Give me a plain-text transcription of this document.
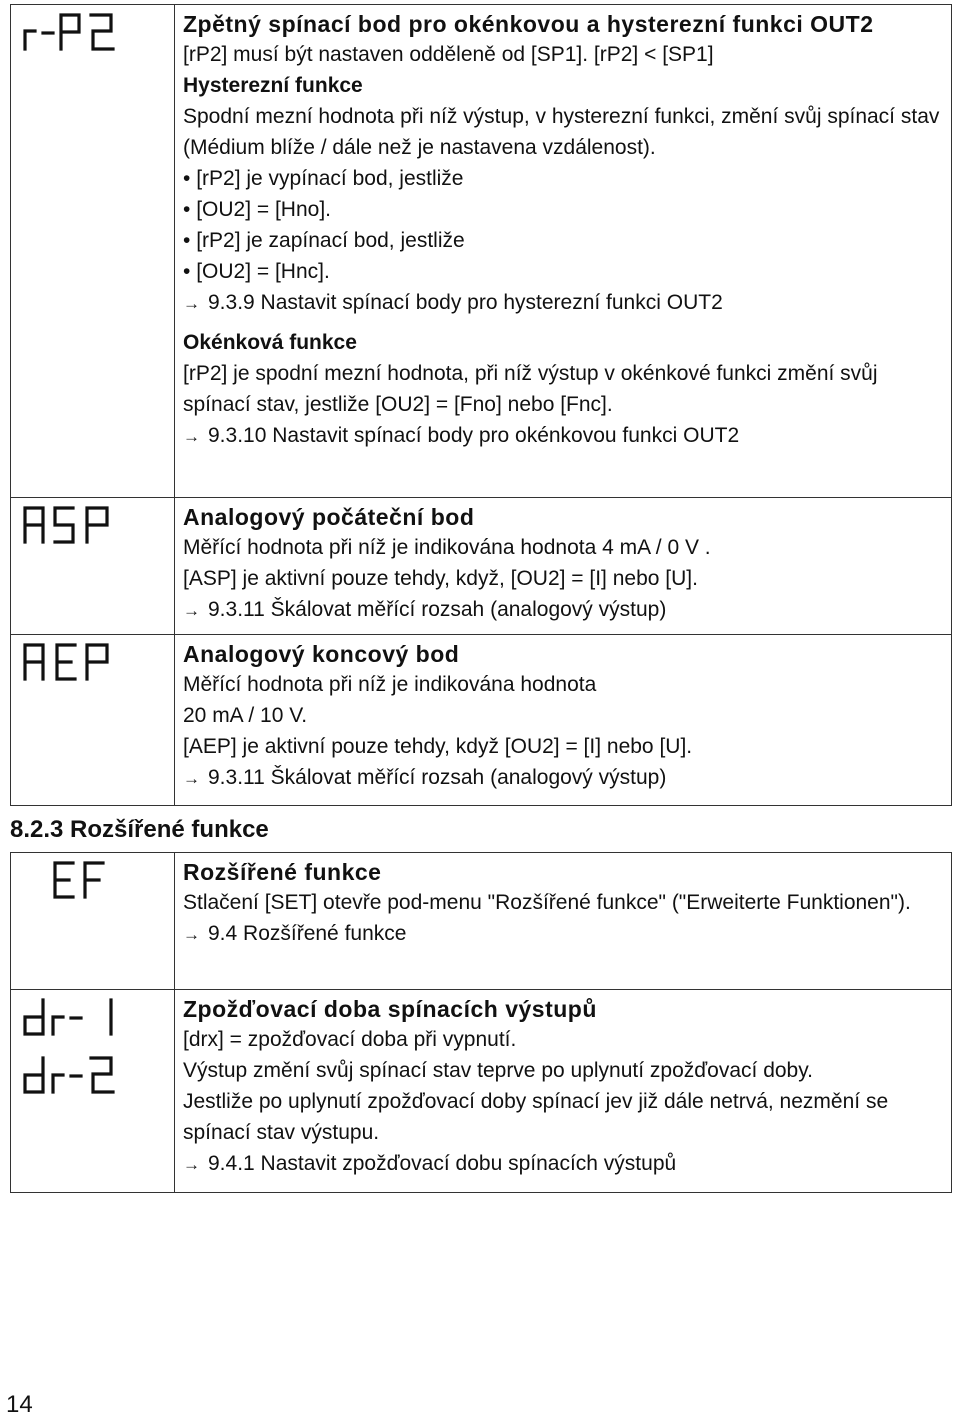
Zpětný spínací bod pro okénkovou a hysterezní funkci OUT2
[rP2] musí být nastaven odděleně od [SP1]. [rP2] < [SP1]
Hysterezní funkce
Spodní mezní hodnota při níž výstup, v hysterezní funkci, změní svůj spínací stav (Médium blíže / dále než je nastavena vzdálenost).
• [rP2] je vypínací bod, jestliže
• [OU2] = [Hno].
• [rP2] je zapínací bod, jestliže
• [OU2] = [Hnc].
→ 9.3.9 Nastavit spínací body pro hysterezní funkci OUT2
Okénková funkce
[rP2] je spodní mezní hodnota, při níž výstup v okénkové funkci změní svůj spínací stav, jestliže [OU2] = [Fno] nebo [Fnc].
→ 9.3.10 Nastavit spínací body pro okénkovou funkci OUT2
Analogový počáteční bod
Měřící hodnota při níž je indikována hodnota 4 mA / 0 V .
[ASP] je aktivní pouze tehdy, když, [OU2] = [I] nebo [U].
→ 9.3.11 Škálovat měřící rozsah (analogový výstup)
Analogový koncový bod
Měřící hodnota při níž je indikována hodnota
20 mA / 10 V.
[AEP] je aktivní pouze tehdy, když [OU2] = [I] nebo [U].
→ 9.3.11 Škálovat měřící rozsah (analogový výstup)
8.2.3 Rozšířené funkce
Rozšířené funkce
Stlačení [SET] otevře pod-menu "Rozšířené funkce" ("Erweiterte Funktionen").
→ 9.4 Rozšířené funkce
Zpožďovací doba spínacích výstupů
[drx] = zpožďovací doba při vypnutí.
Výstup změní svůj spínací stav teprve po uplynutí zpožďovací doby.
Jestliže po uplynutí zpožďovací doby spínací jev již dále netrvá, nezmění se spínací stav výstupu.
→ 9.4.1 Nastavit zpožďovací dobu spínacích výstupů
14
